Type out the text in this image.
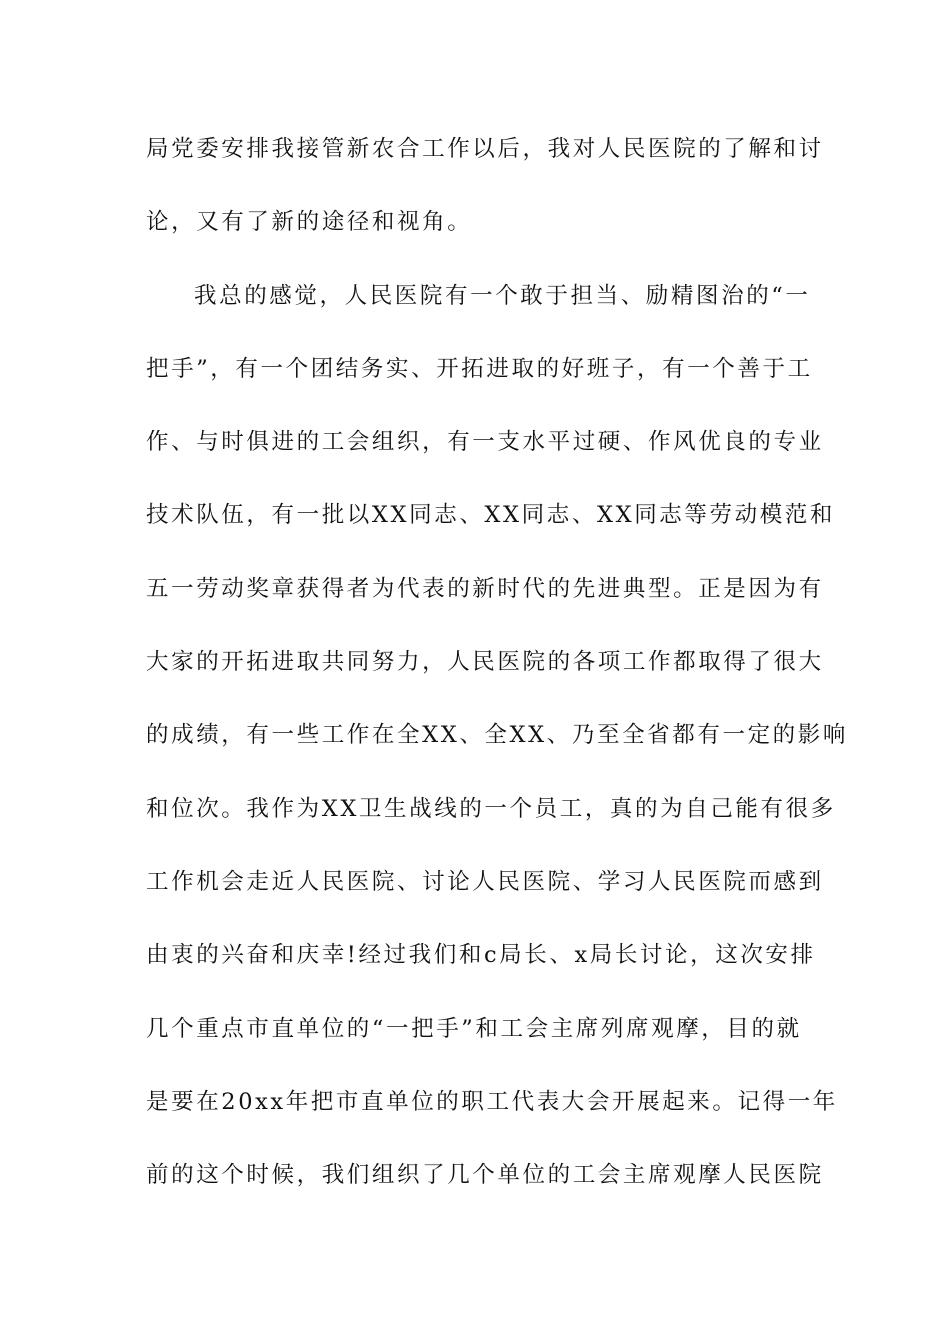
局党委安排我接管新农合工作以后，我对人民医院的了解和讨
论，又有了新的途径和视角。
我总的感觉，人民医院有一个敢于担当、励精图治的“一
把手”，有一个团结务实、开拓进取的好班子，有一个善于工
作、与时俱进的工会组织，有一支水平过硬、作风优良的专业
技术队伍，有一批以XX同志、XX同志、XX同志等劳动模范和
五一劳动奖章获得者为代表的新时代的先进典型。正是因为有
大家的开拓进取共同努力，人民医院的各项工作都取得了很大
的成绩，有一些工作在全XX、全XX、乃至全省都有一定的影响
和位次。我作为XX卫生战线的一个员工，真的为自己能有很多
工作机会走近人民医院、讨论人民医院、学习人民医院而感到
由衷的兴奋和庆幸!经过我们和c局长、x局长讨论，这次安排
几个重点市直单位的“一把手”和工会主席列席观摩，目的就
是要在20xx年把市直单位的职工代表大会开展起来。记得一年
前的这个时候，我们组织了几个单位的工会主席观摩人民医院
